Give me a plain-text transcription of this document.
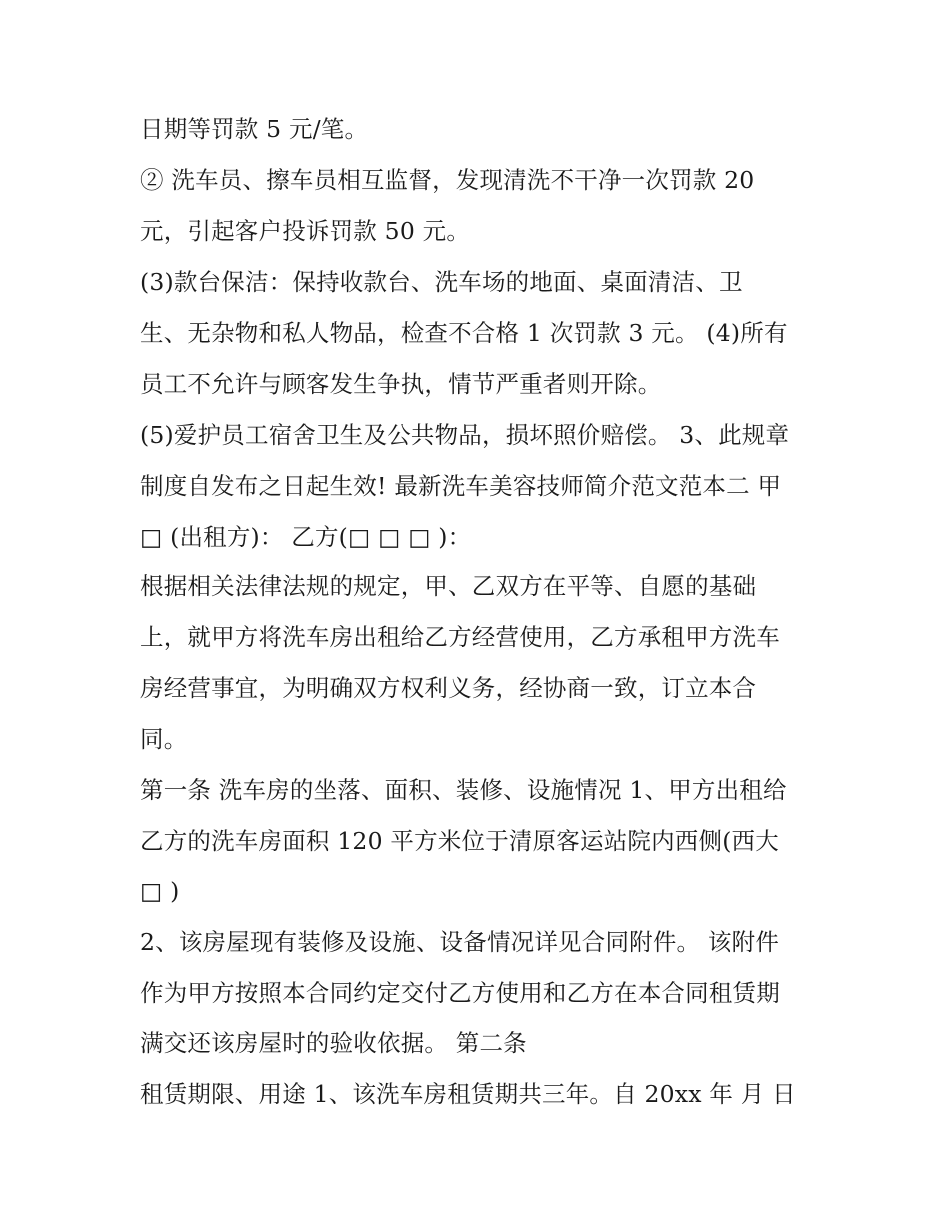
日期等罚款 5 元/笔。
② 洗车员、擦车员相互监督，发现清洗不干净一次罚款 20
元，引起客户投诉罚款 50 元。
(3)款台保洁：保持收款台、洗车场的地面、桌面清洁、卫
生、无杂物和私人物品，检查不合格 1 次罚款 3 元。 (4)所有
员工不允许与顾客发生争执，情节严重者则开除。
(5)爱护员工宿舍卫生及公共物品，损坏照价赔偿。 3、此规章
制度自发布之日起生效! 最新洗车美容技师简介范文范本二 甲
□ (出租方)： 乙方(□ □ □ )：
根据相关法律法规的规定，甲、乙双方在平等、自愿的基础
上，就甲方将洗车房出租给乙方经营使用，乙方承租甲方洗车
房经营事宜，为明确双方权利义务，经协商一致，订立本合
同。
第一条 洗车房的坐落、面积、装修、设施情况 1、甲方出租给
乙方的洗车房面积 120 平方米位于清原客运站院内西侧(西大
□ )
2、该房屋现有装修及设施、设备情况详见合同附件。 该附件
作为甲方按照本合同约定交付乙方使用和乙方在本合同租赁期
满交还该房屋时的验收依据。 第二条
租赁期限、用途 1、该洗车房租赁期共三年。自 20xx 年 月 日
